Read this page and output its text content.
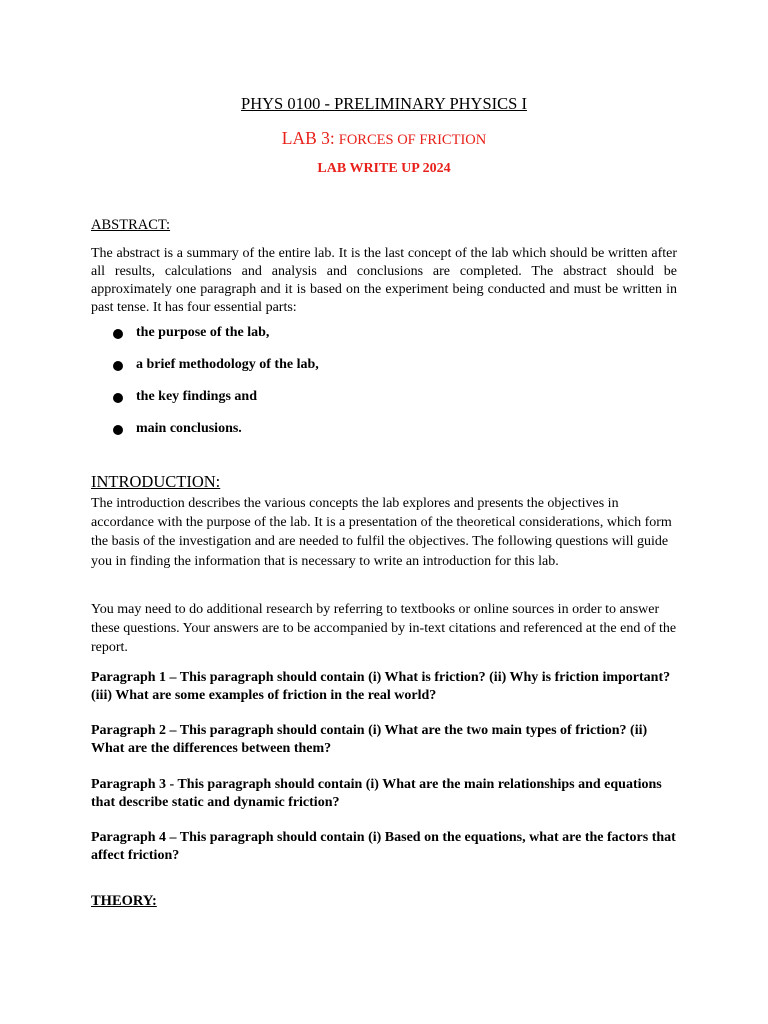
PHYS 0100 - PRELIMINARY PHYSICS I
LAB 3: FORCES OF FRICTION
LAB WRITE UP 2024
ABSTRACT:
The abstract is a summary of the entire lab. It is the last concept of the lab which should be written after all results, calculations and analysis and conclusions are completed. The abstract should be approximately one paragraph and it is based on the experiment being conducted and must be written in past tense. It has four essential parts:
the purpose of the lab,
a brief methodology of the lab,
the key findings and
main conclusions.
INTRODUCTION:
The introduction describes the various concepts the lab explores and presents the objectives in accordance with the purpose of the lab. It is a presentation of the theoretical considerations, which form the basis of the investigation and are needed to fulfil the objectives. The following questions will guide you in finding the information that is necessary to write an introduction for this lab.
You may need to do additional research by referring to textbooks or online sources in order to answer these questions. Your answers are to be accompanied by in-text citations and referenced at the end of the report.
Paragraph 1 – This paragraph should contain (i) What is friction? (ii) Why is friction important? (iii) What are some examples of friction in the real world?
Paragraph 2 – This paragraph should contain (i) What are the two main types of friction? (ii) What are the differences between them?
Paragraph 3 - This paragraph should contain (i) What are the main relationships and equations that describe static and dynamic friction?
Paragraph 4 – This paragraph should contain (i) Based on the equations, what are the factors that affect friction?
THEORY:
